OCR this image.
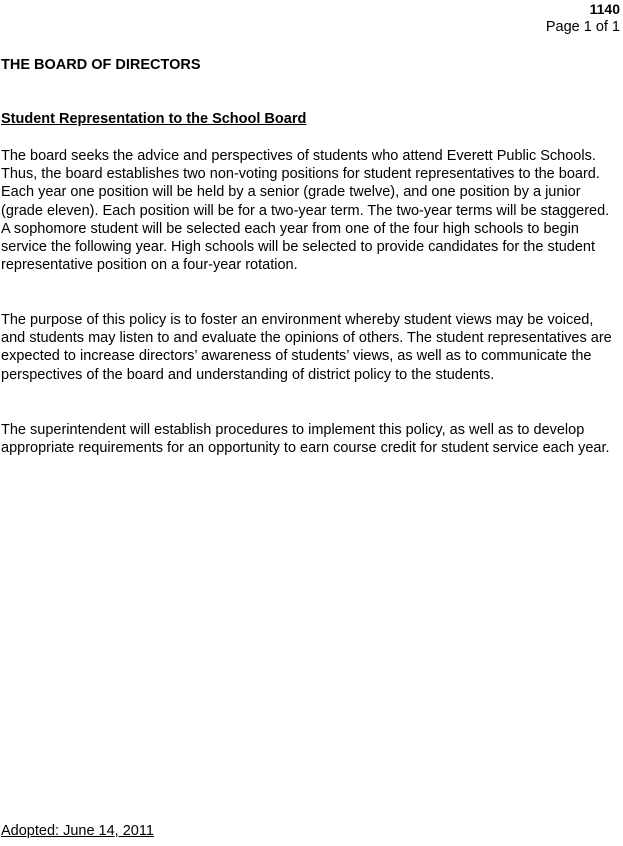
1140
Page 1 of 1
THE BOARD OF DIRECTORS
Student Representation to the School Board

The board seeks the advice and perspectives of students who attend Everett Public Schools. Thus, the board establishes two non-voting positions for student representatives to the board. Each year one position will be held by a senior (grade twelve), and one position by a junior (grade eleven). Each position will be for a two-year term. The two-year terms will be staggered. A sophomore student will be selected each year from one of the four high schools to begin service the following year. High schools will be selected to provide candidates for the student representative position on a four-year rotation.

The purpose of this policy is to foster an environment whereby student views may be voiced, and students may listen to and evaluate the opinions of others. The student representatives are expected to increase directors’ awareness of students’ views, as well as to communicate the perspectives of the board and understanding of district policy to the students.

The superintendent will establish procedures to implement this policy, as well as to develop appropriate requirements for an opportunity to earn course credit for student service each year.

Adopted: June 14, 2011
